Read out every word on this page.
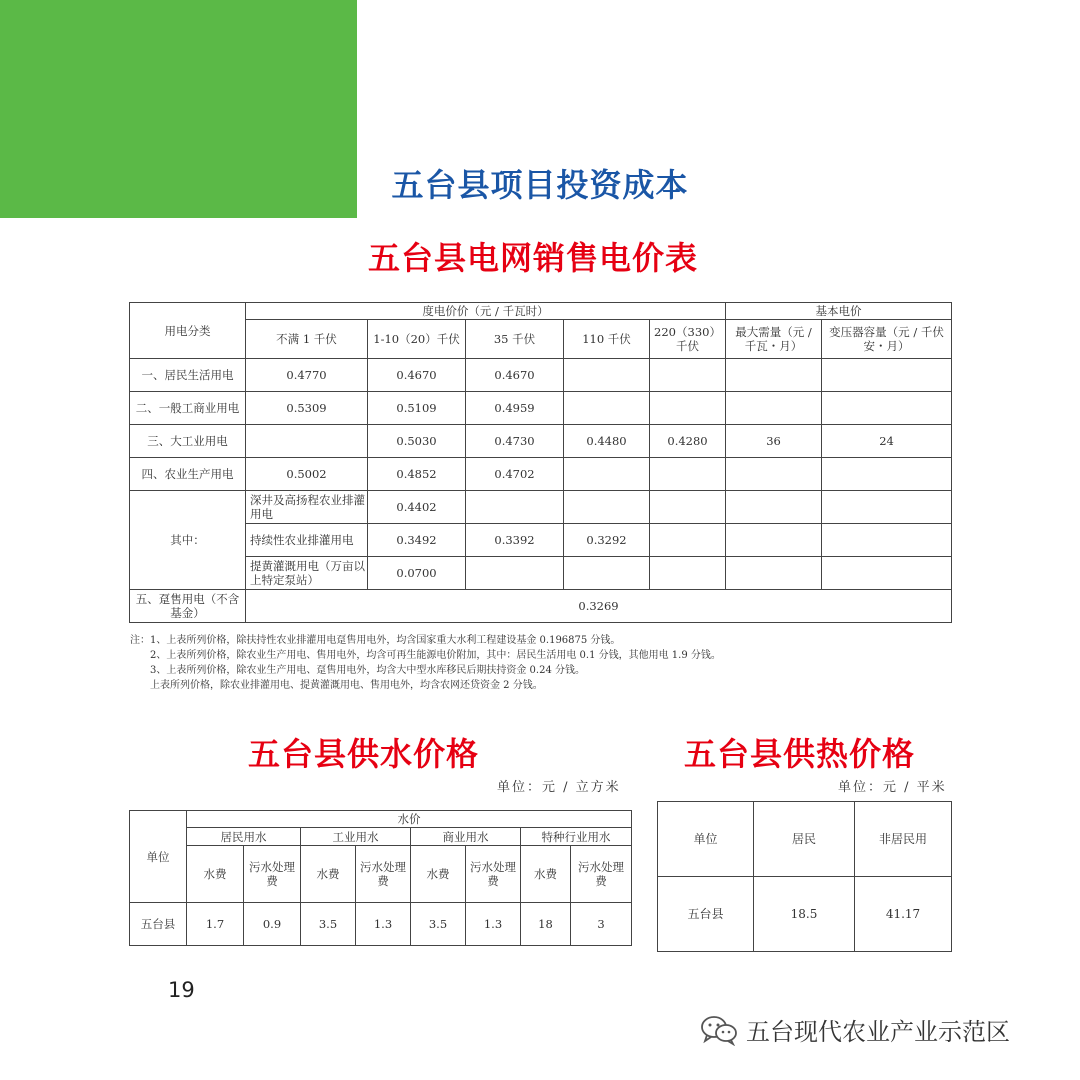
五台县项目投资成本
五台县电网销售电价表
用电分类	度电价价（元 / 千瓦时）					基本电价	
	不满 1 千伏	1-10（20）千伏	35 千伏	110 千伏	220（330）千伏	最大需量（元 / 千瓦・月）	变压器容量（元 / 千伏安・月）
一、居民生活用电	0.4770	0.4670	0.4670				
二、一般工商业用电	0.5309	0.5109	0.4959				
三、大工业用电		0.5030	0.4730	0.4480	0.4280	36	24
四、农业生产用电	0.5002	0.4852	0.4702				
其中：	深井及高扬程农业排灌用电	0.4402					
	持续性农业排灌用电	0.3492	0.3392	0.3292			
	提黄灌溉用电（万亩以上特定泵站）	0.0700					
五、趸售用电（不含基金）	0.3269						
注：1、上表所列价格，除扶持性农业排灌用电趸售用电外，均含国家重大水利工程建设基金 0.196875 分钱。
2、上表所列价格，除农业生产用电、售用电外，均含可再生能源电价附加，其中：居民生活用电 0.1 分钱，其他用电 1.9 分钱。
3、上表所列价格，除农业生产用电、趸售用电外，均含大中型水库移民后期扶持资金 0.24 分钱。
上表所列价格，除农业排灌用电、提黄灌溉用电、售用电外，均含农网还贷资金 2 分钱。
五台县供水价格
单位：元 / 立方米
单位	水价							
	居民用水		工业用水		商业用水		特种行业用水	
	水费	污水处理费	水费	污水处理费	水费	污水处理费	水费	污水处理费
五台县	1.7	0.9	3.5	1.3	3.5	1.3	18	3
五台县供热价格
单位：元 / 平米
单位	居民	非居民用
五台县	18.5	41.17
19
五台现代农业产业示范区
